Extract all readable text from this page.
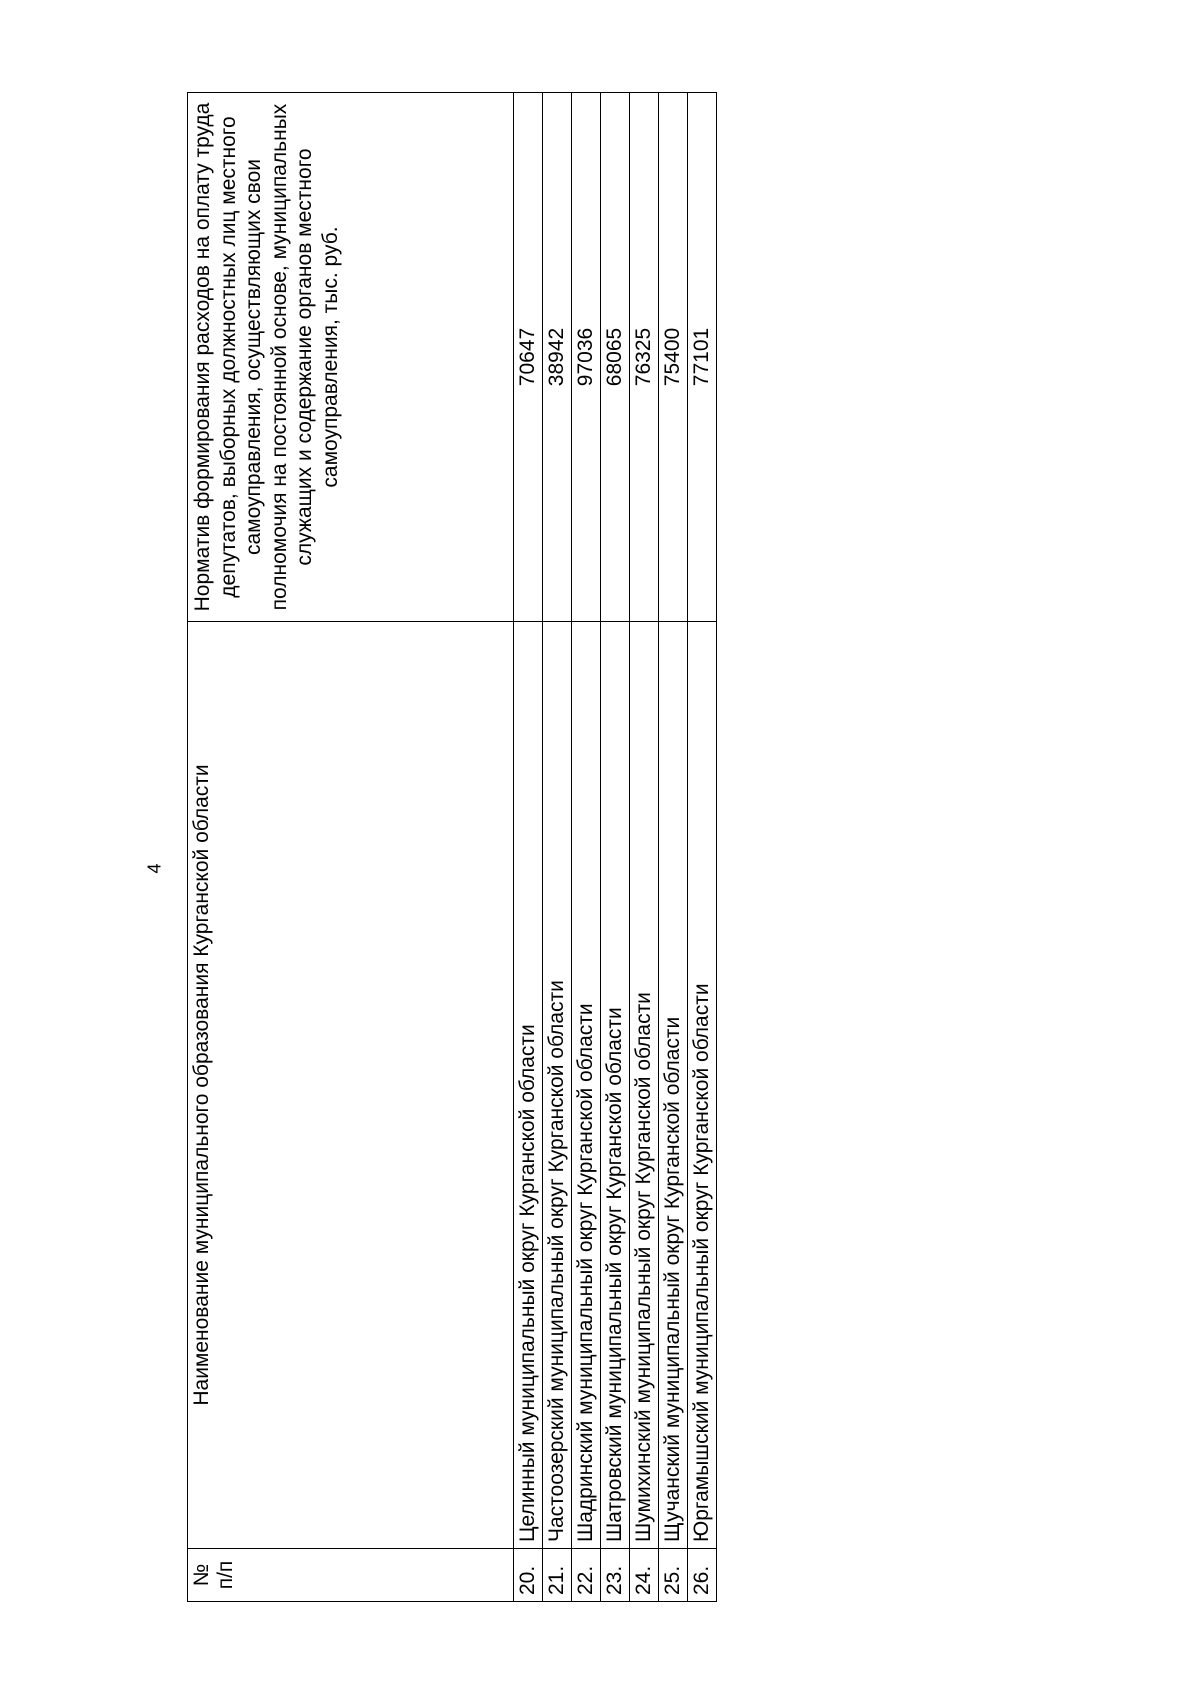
4
№
п/п	Наименование муниципального образования Курганской области	Норматив формирования расходов на оплату труда депутатов, выборных должностных лиц местного самоуправления, осуществляющих свои полномочия на постоянной основе, муниципальных служащих и содержание органов местного самоуправления, тыс. руб.
20.	Целинный муниципальный округ Курганской области	70647
21.	Частоозерский муниципальный округ Курганской области	38942
22.	Шадринский муниципальный округ Курганской области	97036
23.	Шатровский муниципальный округ Курганской области	68065
24.	Шумихинский муниципальный округ Курганской области	76325
25.	Щучанский муниципальный округ Курганской области	75400
26.	Юргамышский муниципальный округ Курганской области	77101
